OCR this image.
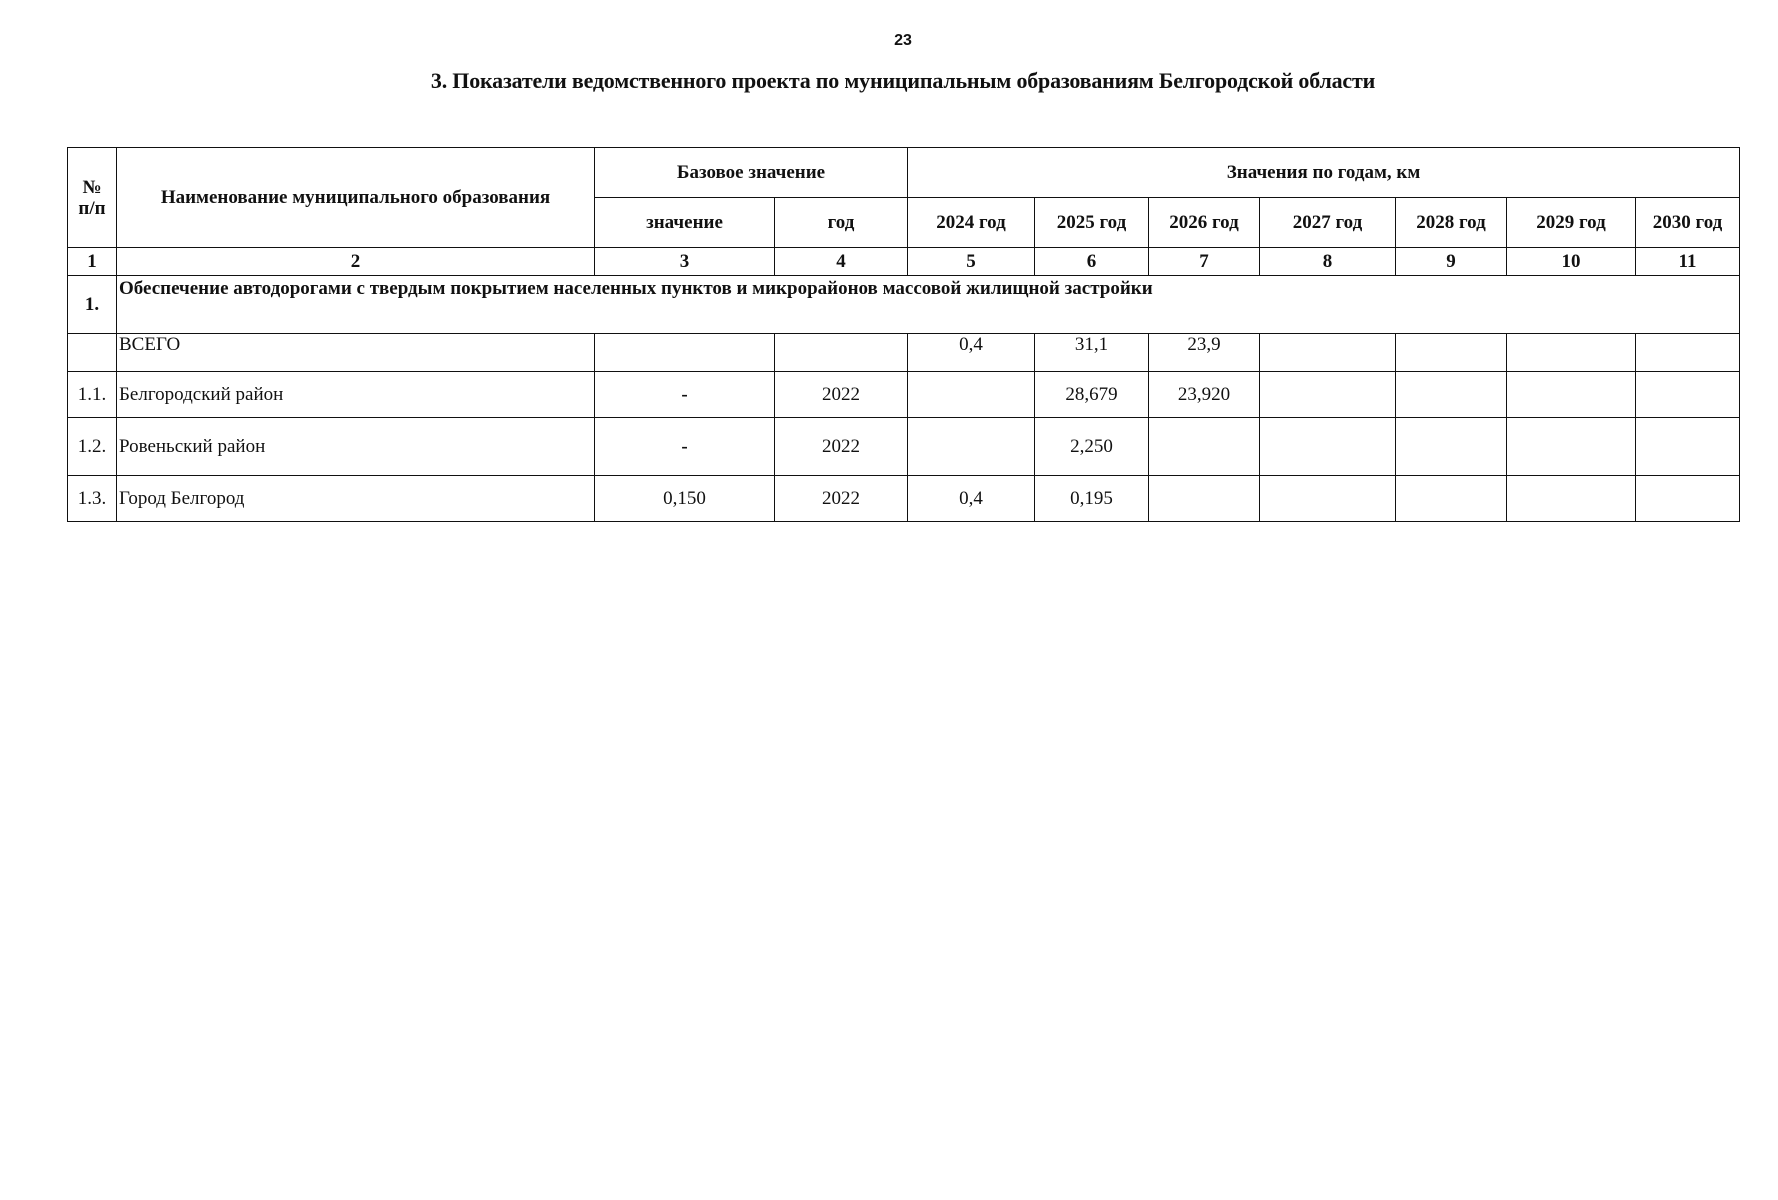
23
3. Показатели ведомственного проекта по муниципальным образованиям Белгородской области
№
п/п	Наименование муниципального образования	Базовое значение		Значения по годам, км						
		значение	год	2024 год	2025 год	2026 год	2027 год	2028 год	2029 год	2030 год
1	2	3	4	5	6	7	8	9	10	11
1.	Обеспечение автодорогами с твердым покрытием населенных пунктов и микрорайонов массовой жилищной застройки									
	ВСЕГО			0,4	31,1	23,9				
1.1.	Белгородский район	-	2022		28,679	23,920				
1.2.	Ровеньский район	-	2022		2,250					
1.3.	Город Белгород	0,150	2022	0,4	0,195					
